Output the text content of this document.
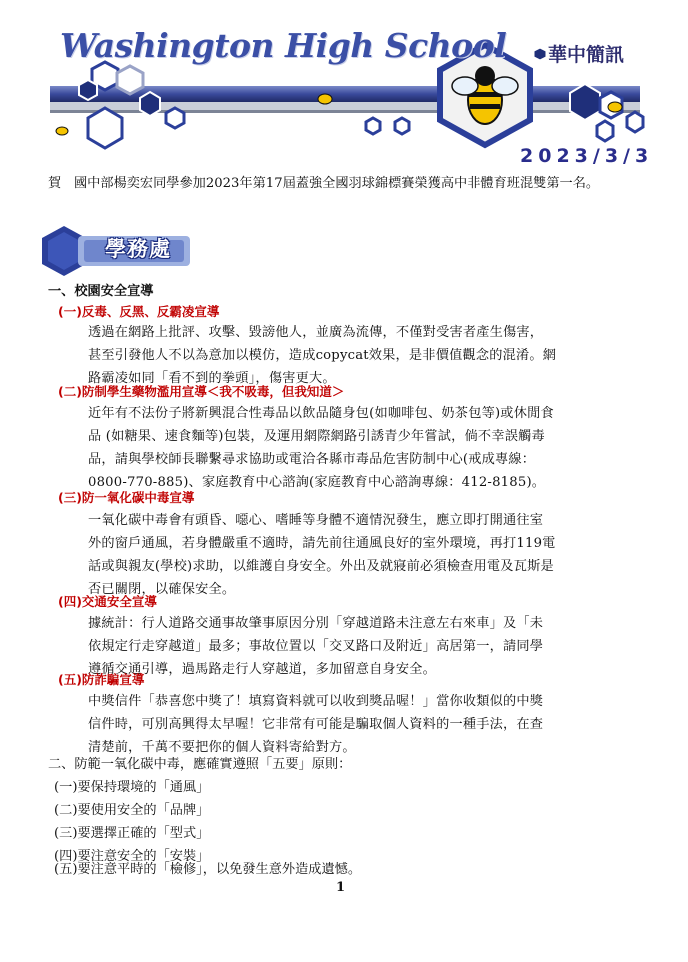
Washington High School 華中簡訊
2023/3/3
賀 國中部楊奕宏同學參加2023年第17屆蓋強全國羽球錦標賽榮獲高中非體育班混雙第一名。
學務處
一、校園安全宣導
(一)反毒、反黑、反霸凌宣導
透過在網路上批評、攻擊、毀謗他人，並廣為流傳，不僅對受害者產生傷害，
甚至引發他人不以為意加以模仿，造成copycat效果，是非價值觀念的混淆。網
路霸凌如同「看不到的拳頭」，傷害更大。
(二)防制學生藥物濫用宣導＜我不吸毒，但我知道＞
近年有不法份子將新興混合性毒品以飲品隨身包(如咖啡包、奶茶包等)或休閒食
品 (如糖果、速食麵等)包裝，及運用網際網路引誘青少年嘗試，倘不幸誤觸毒
品，請與學校師長聯繫尋求協助或電洽各縣市毒品危害防制中心(戒成專線：
0800-770-885)、家庭教育中心諮詢(家庭教育中心諮詢專線：412-8185)。
(三)防一氧化碳中毒宣導
一氧化碳中毒會有頭昏、噁心、嗜睡等身體不適情況發生，應立即打開通往室
外的窗戶通風，若身體嚴重不適時，請先前往通風良好的室外環境，再打119電
話或與親友(學校)求助，以維護自身安全。外出及就寢前必須檢查用電及瓦斯是
否已關閉，以確保安全。
(四)交通安全宣導
據統計：行人道路交通事故肇事原因分別「穿越道路未注意左右來車」及「未
依規定行走穿越道」最多；事故位置以「交叉路口及附近」高居第一，請同學
遵循交通引導，過馬路走行人穿越道，多加留意自身安全。
(五)防詐騙宣導
中獎信件「恭喜您中獎了！填寫資料就可以收到獎品喔！」當你收類似的中獎
信件時，可別高興得太早喔！它非常有可能是騙取個人資料的一種手法，在查
清楚前，千萬不要把你的個人資料寄給對方。
二、防範一氧化碳中毒，應確實遵照「五要」原則：
(一)要保持環境的「通風」
(二)要使用安全的「品牌」
(三)要選擇正確的「型式」
(四)要注意安全的「安裝」
(五)要注意平時的「檢修」，以免發生意外造成遺憾。
1
